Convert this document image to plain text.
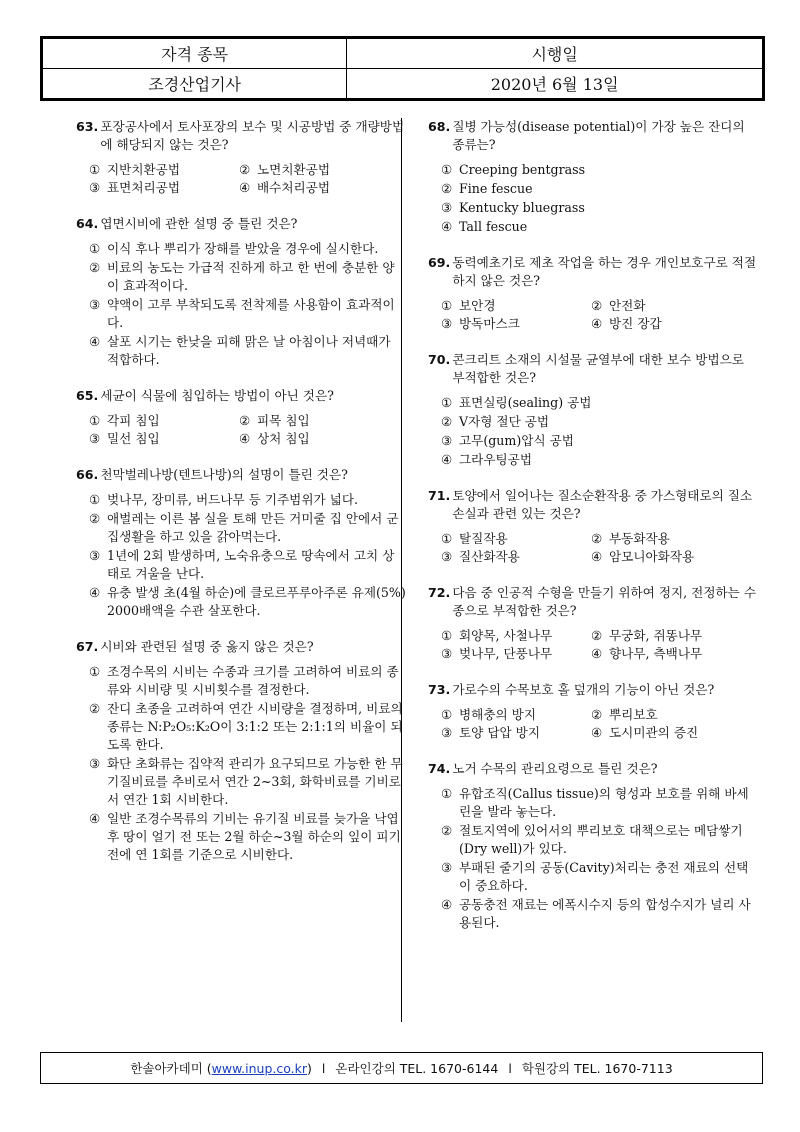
자격 종목	시행일
조경산업기사	2020년 6월 13일
63. 포장공사에서 토사포장의 보수 및 시공방법 중 개량방법에 해당되지 않는 것은?
① 지반치환공법	② 노면치환공법
③ 표면처리공법	④ 배수처리공법
64. 엽면시비에 관한 설명 중 틀린 것은?
① 이식 후나 뿌리가 장해를 받았을 경우에 실시한다.
② 비료의 농도는 가급적 진하게 하고 한 번에 충분한 양이 효과적이다.
③ 약액이 고루 부착되도록 전착제를 사용함이 효과적이다.
④ 살포 시기는 한낮을 피해 맑은 날 아침이나 저녁때가 적합하다.
65. 세균이 식물에 침입하는 방법이 아닌 것은?
① 각피 침입	② 피목 침입
③ 밀선 침입	④ 상처 침입
66. 천막벌레나방(텐트나방)의 설명이 틀린 것은?
① 벚나무, 장미류, 버드나무 등 기주범위가 넓다.
② 애벌레는 이른 봄 실을 토해 만든 거미줄 집 안에서 군집생활을 하고 있을 갉아먹는다.
③ 1년에 2회 발생하며, 노숙유충으로 땅속에서 고치 상태로 겨울을 난다.
④ 유충 발생 초(4월 하순)에 클로르푸루아주론 유제(5%) 2000배액을 수관 살포한다.
67. 시비와 관련된 설명 중 옳지 않은 것은?
① 조경수목의 시비는 수종과 크기를 고려하여 비료의 종류와 시비량 및 시비횟수를 결정한다.
② 잔디 초종을 고려하여 연간 시비량을 결정하며, 비료의 종류는 N:P₂O₅:K₂O이 3:1:2 또는 2:1:1의 비율이 되도록 한다.
③ 화단 초화류는 집약적 관리가 요구되므로 가능한 한 무기질비료를 추비로서 연간 2~3회, 화학비료를 기비로서 연간 1회 시비한다.
④ 일반 조경수목류의 기비는 유기질 비료를 늦가을 낙엽 후 땅이 얼기 전 또는 2월 하순~3월 하순의 잎이 피기 전에 연 1회를 기준으로 시비한다.
68. 질병 가능성(disease potential)이 가장 높은 잔디의 종류는?
① Creeping bentgrass
② Fine fescue
③ Kentucky bluegrass
④ Tall fescue
69. 동력예초기로 제초 작업을 하는 경우 개인보호구로 적절하지 않은 것은?
① 보안경	② 안전화
③ 방독마스크	④ 방진 장갑
70. 콘크리트 소재의 시설물 균열부에 대한 보수 방법으로 부적합한 것은?
① 표면실링(sealing) 공법
② V자형 절단 공법
③ 고무(gum)압식 공법
④ 그라우팅공법
71. 토양에서 일어나는 질소순환작용 중 가스형태로의 질소 손실과 관련 있는 것은?
① 탈질작용	② 부동화작용
③ 질산화작용	④ 암모니아화작용
72. 다음 중 인공적 수형을 만들기 위하여 정지, 전정하는 수종으로 부적합한 것은?
① 회양목, 사철나무	② 무궁화, 쥐똥나무
③ 벚나무, 단풍나무	④ 향나무, 측백나무
73. 가로수의 수목보호 홀 덮개의 기능이 아닌 것은?
① 병해충의 방지	② 뿌리보호
③ 토양 답압 방지	④ 도시미관의 증진
74. 노거 수목의 관리요령으로 틀린 것은?
① 유합조직(Callus tissue)의 형성과 보호를 위해 바세린을 발라 놓는다.
② 절토지역에 있어서의 뿌리보호 대책으로는 메담쌓기(Dry well)가 있다.
③ 부패된 줄기의 공동(Cavity)처리는 충전 재료의 선택이 중요하다.
④ 공동충전 재료는 에폭시수지 등의 합성수지가 널리 사용된다.
한솔아카데미 ( www.inup.co.kr ) l 온라인강의 TEL. 1670-6144 l 학원강의 TEL. 1670-7113
